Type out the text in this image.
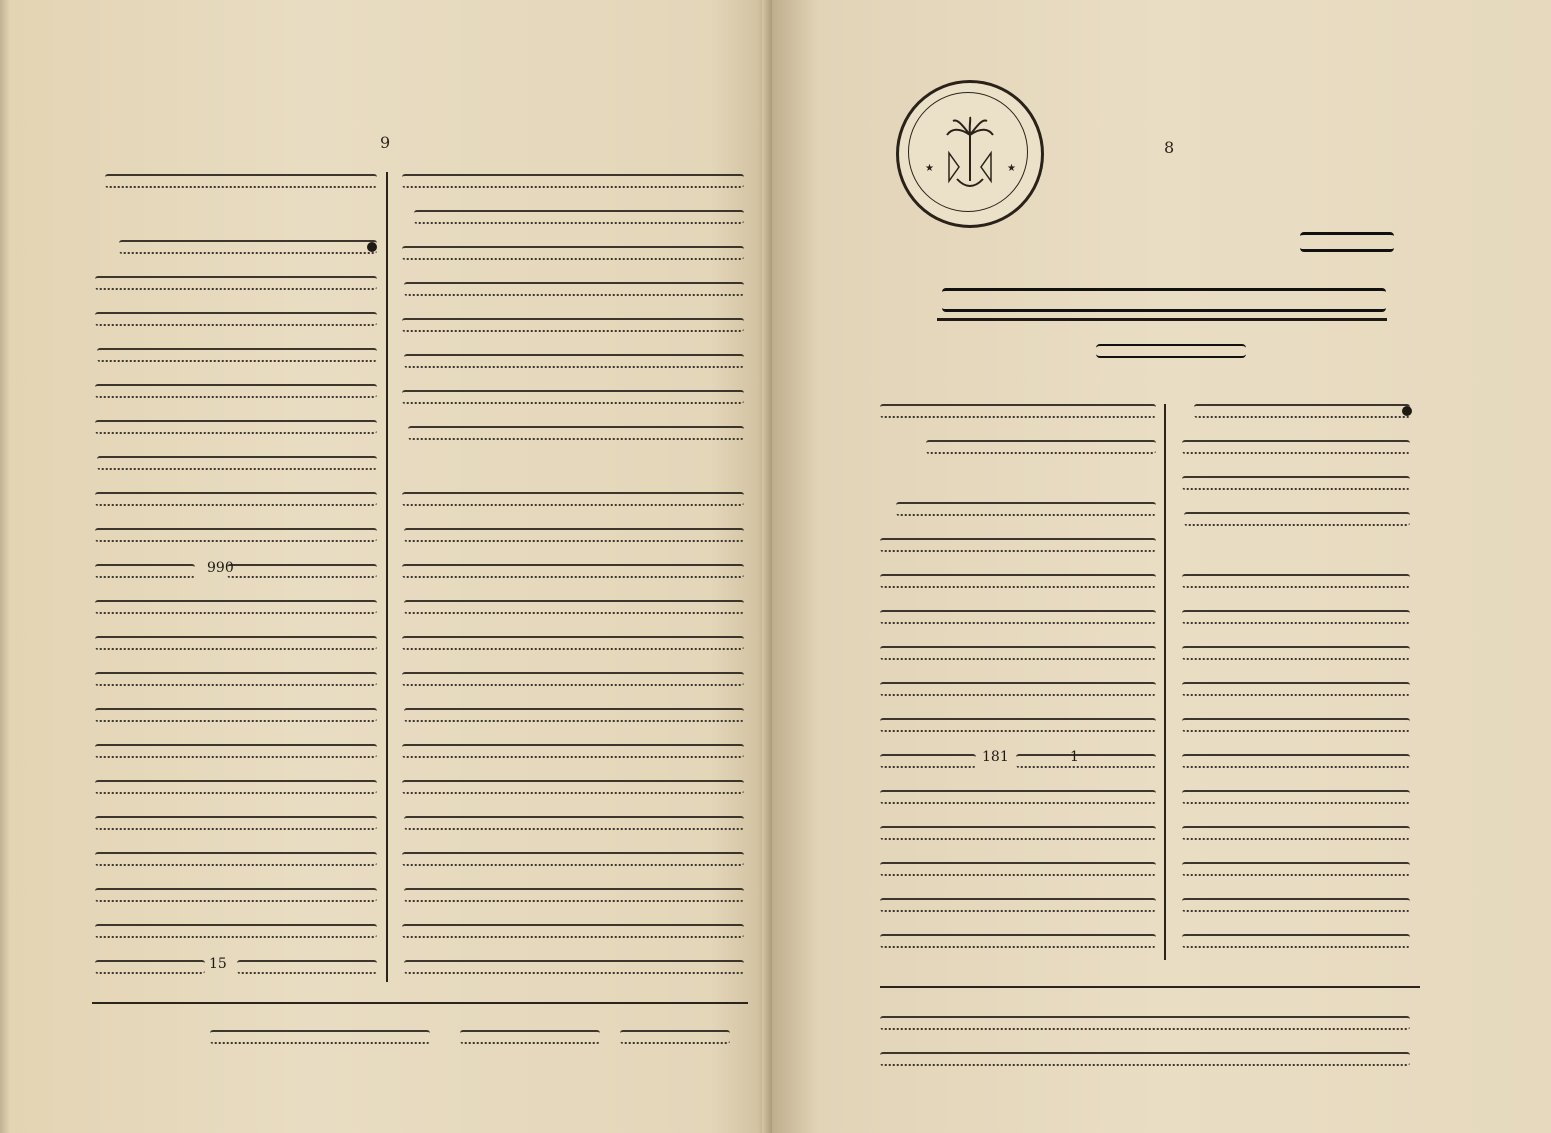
9
990
15
8
★	★
181	1
